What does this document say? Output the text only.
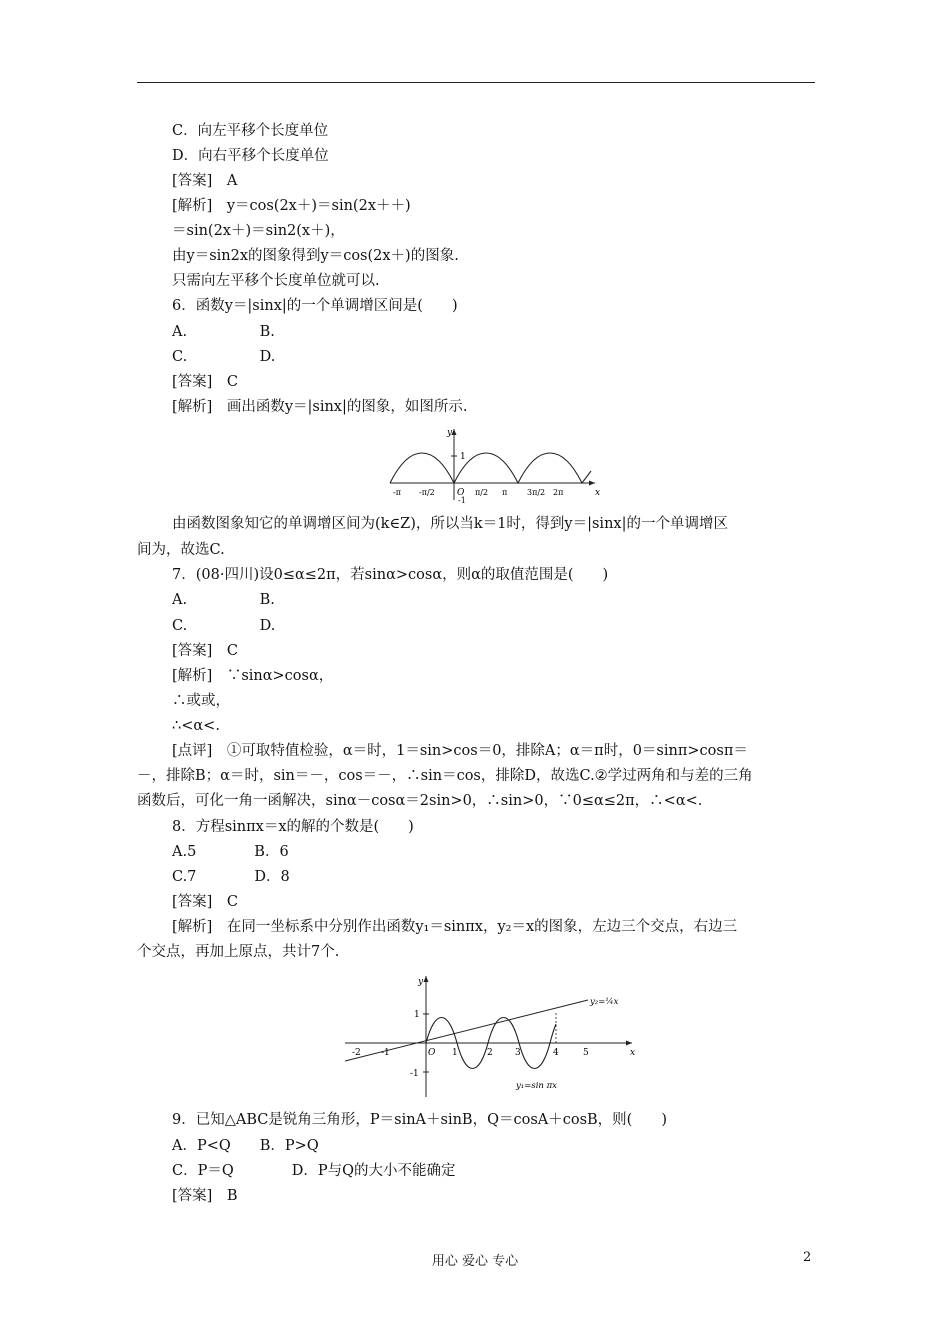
C．向左平移个长度单位
D．向右平移个长度单位
[答案]　A
[解析]　y＝cos(2x＋)＝sin(2x＋＋)
＝sin(2x＋)＝sin2(x＋)，
由y＝sin2x的图象得到y＝cos(2x＋)的图象.
只需向左平移个长度单位就可以.
6．函数y＝|sinx|的一个单调增区间是(　　)
A.　　　　　B.
C.　　　　　D.
[答案]　C
[解析]　画出函数y＝|sinx|的图象，如图所示.
由函数图象知它的单调增区间为(k∈Z)，所以当k＝1时，得到y＝|sinx|的一个单调增区
间为，故选C.
7．(08·四川)设0≤α≤2π，若sinα>cosα，则α的取值范围是(　　)
A.　　　　　B.
C.　　　　　D.
[答案]　C
[解析]　∵sinα>cosα，
∴或或，
∴<α<.
[点评]　①可取特值检验，α＝时，1＝sin>cos＝0，排除A；α＝π时，0＝sinπ>cosπ＝
－，排除B；α＝时，sin＝－，cos＝－，∴sin＝cos，排除D，故选C.②学过两角和与差的三角
函数后，可化一角一函解决，sinα－cosα＝2sin>0，∴sin>0，∵0≤α≤2π，∴<α<.
8．方程sinπx＝x的解的个数是(　　)
A.5　　　　B．6
C.7　　　　D．8
[答案]　C
[解析]　在同一坐标系中分别作出函数y₁＝sinπx，y₂＝x的图象，左边三个交点，右边三
个交点，再加上原点，共计7个.
9．已知△ABC是锐角三角形，P＝sinA＋sinB，Q＝cosA＋cosB，则(　　)
A．P<Q　　B．P>Q
C．P＝Q　　　　D．P与Q的大小不能确定
[答案]　B
y
x
1
O
-1
-π -π/2	π/2 π 3π/2 2π
y
x
O
1
-1
-2 -1	1	2 3	4	5
y₂=¼x
y₁=sin πx
用心 爱心 专心	2
